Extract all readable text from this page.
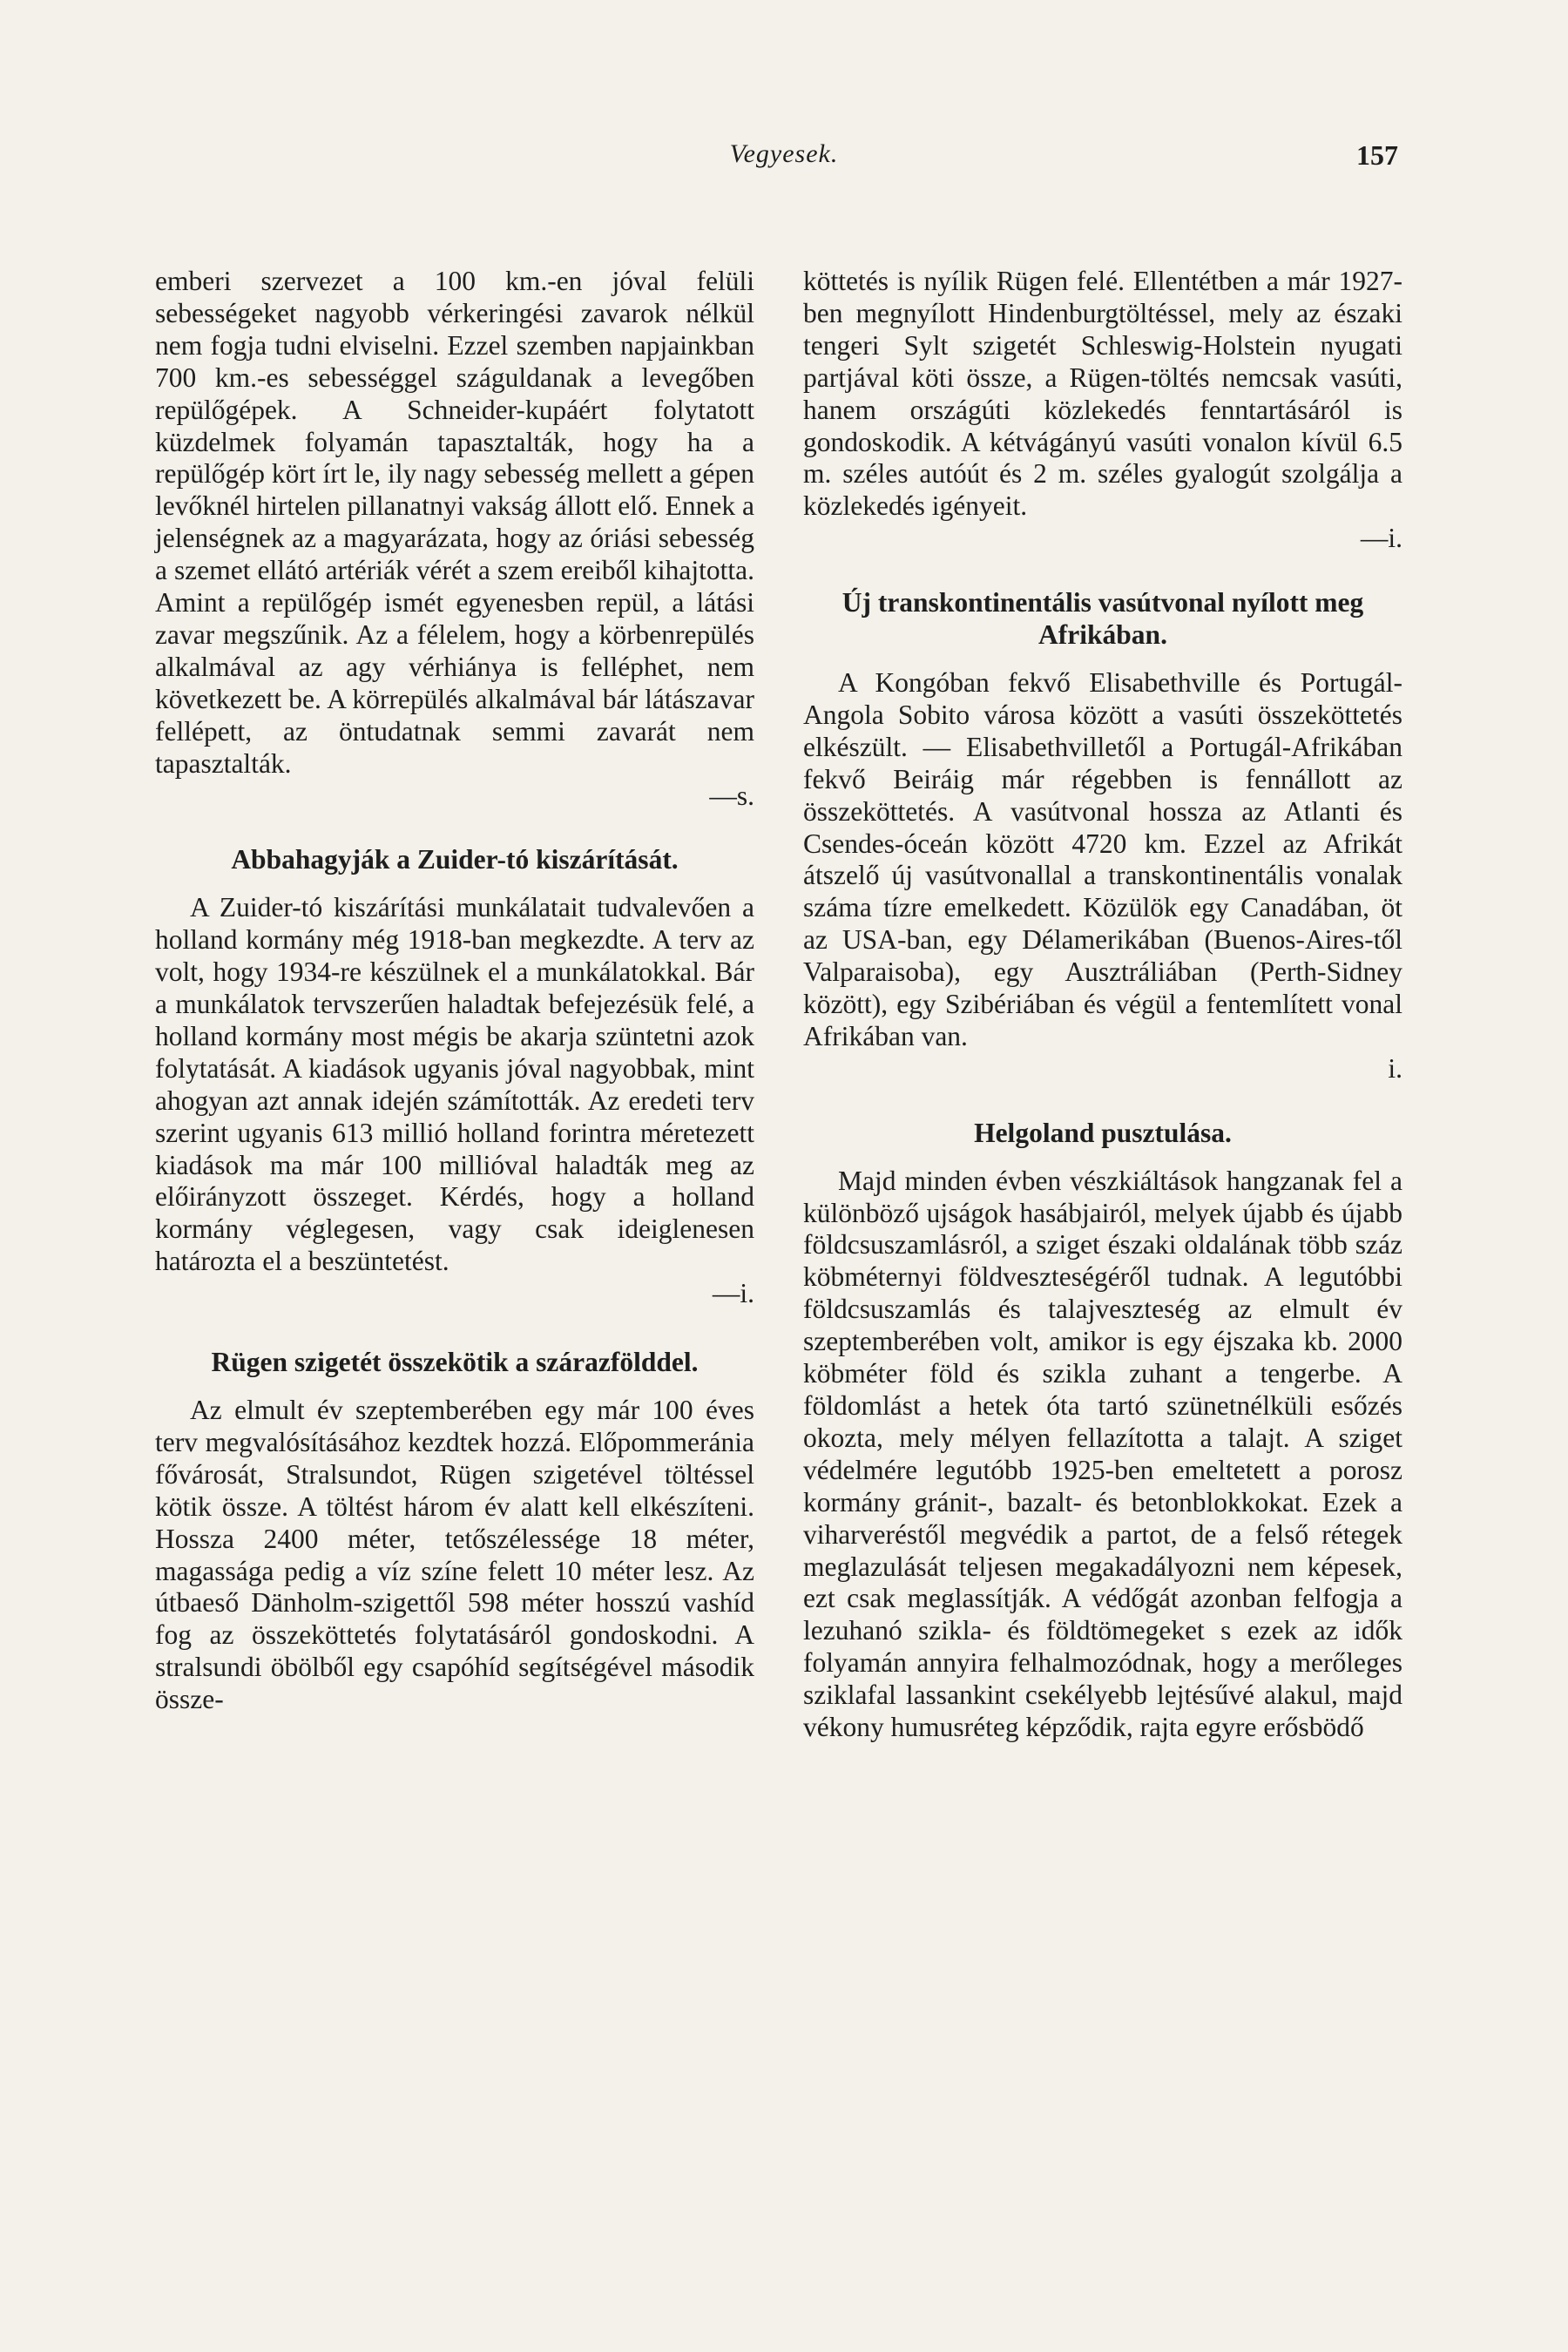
Vegyesek.	157

emberi szervezet a 100 km.-en jóval felüli sebességeket nagyobb vérkeringési zavarok nélkül nem fogja tudni elviselni. Ezzel szemben napjainkban 700 km.-es sebességgel száguldanak a levegőben repülőgépek. A Schneider-kupáért folytatott küzdelmek folyamán tapasztalták, hogy ha a repülőgép kört írt le, ily nagy sebesség mellett a gépen levőknél hirtelen pillanatnyi vakság állott elő. Ennek a jelenségnek az a magyarázata, hogy az óriási sebesség a szemet ellátó artériák vérét a szem ereiből kihajtotta. Amint a repülőgép ismét egyenesben repül, a látási zavar megszűnik. Az a félelem, hogy a körbenrepülés alkalmával az agy vérhiánya is felléphet, nem következett be. A körrepülés alkalmával bár látászavar fellépett, az öntudatnak semmi zavarát nem tapasztalták.

—s.

Abbahagyják a Zuider-tó kiszárítását.

A Zuider-tó kiszárítási munkálatait tudvalevően a holland kormány még 1918-ban megkezdte. A terv az volt, hogy 1934-re készülnek el a munkálatokkal. Bár a munkálatok tervszerűen haladtak befejezésük felé, a holland kormány most mégis be akarja szüntetni azok folytatását. A kiadások ugyanis jóval nagyobbak, mint ahogyan azt annak idején számították. Az eredeti terv szerint ugyanis 613 millió holland forintra méretezett kiadások ma már 100 millióval haladták meg az előirányzott összeget. Kérdés, hogy a holland kormány véglegesen, vagy csak ideiglenesen határozta el a beszüntetést.

—i.

Rügen szigetét összekötik a szárazfölddel.

Az elmult év szeptemberében egy már 100 éves terv megvalósításához kezdtek hozzá. Előpommeránia fővárosát, Stralsundot, Rügen szigetével töltéssel kötik össze. A töltést három év alatt kell elkészíteni. Hossza 2400 méter, tetőszélessége 18 méter, magassága pedig a víz színe felett 10 méter lesz. Az útbaeső Dänholm-szigettől 598 méter hosszú vashíd fog az összeköttetés folytatásáról gondoskodni. A stralsundi öbölből egy csapóhíd segítségével második össze-

köttetés is nyílik Rügen felé. Ellentétben a már 1927-ben megnyílott Hindenburgtöltéssel, mely az északi tengeri Sylt szigetét Schleswig-Holstein nyugati partjával köti össze, a Rügen-töltés nemcsak vasúti, hanem országúti közlekedés fenntartásáról is gondoskodik. A kétvágányú vasúti vonalon kívül 6.5 m. széles autóút és 2 m. széles gyalogút szolgálja a közlekedés igényeit.

—i.

Új transkontinentális vasútvonal nyílott meg Afrikában.

A Kongóban fekvő Elisabethville és Portugál-Angola Sobito városa között a vasúti összeköttetés elkészült. — Elisabethvilletől a Portugál-Afrikában fekvő Beiráig már régebben is fennállott az összeköttetés. A vasútvonal hossza az Atlanti és Csendes-óceán között 4720 km. Ezzel az Afrikát átszelő új vasútvonallal a transkontinentális vonalak száma tízre emelkedett. Közülök egy Canadában, öt az USA-ban, egy Délamerikában (Buenos-Aires-től Valparaisoba), egy Ausztráliában (Perth-Sidney között), egy Szibériában és végül a fentemlített vonal Afrikában van.

i.

Helgoland pusztulása.

Majd minden évben vészkiáltások hangzanak fel a különböző ujságok hasábjairól, melyek újabb és újabb földcsuszamlásról, a sziget északi oldalának több száz köbméternyi földveszteségéről tudnak. A legutóbbi földcsuszamlás és talajveszteség az elmult év szeptemberében volt, amikor is egy éjszaka kb. 2000 köbméter föld és szikla zuhant a tengerbe. A földomlást a hetek óta tartó szünetnélküli esőzés okozta, mely mélyen fellazította a talajt. A sziget védelmére legutóbb 1925-ben emeltetett a porosz kormány gránit-, bazalt- és betonblokkokat. Ezek a viharveréstől megvédik a partot, de a felső rétegek meglazulását teljesen megakadályozni nem képesek, ezt csak meglassítják. A védőgát azonban felfogja a lezuhanó szikla- és földtömegeket s ezek az idők folyamán annyira felhalmozódnak, hogy a merőleges sziklafal lassankint csekélyebb lejtésűvé alakul, majd vékony humusréteg képződik, rajta egyre erősbödő
